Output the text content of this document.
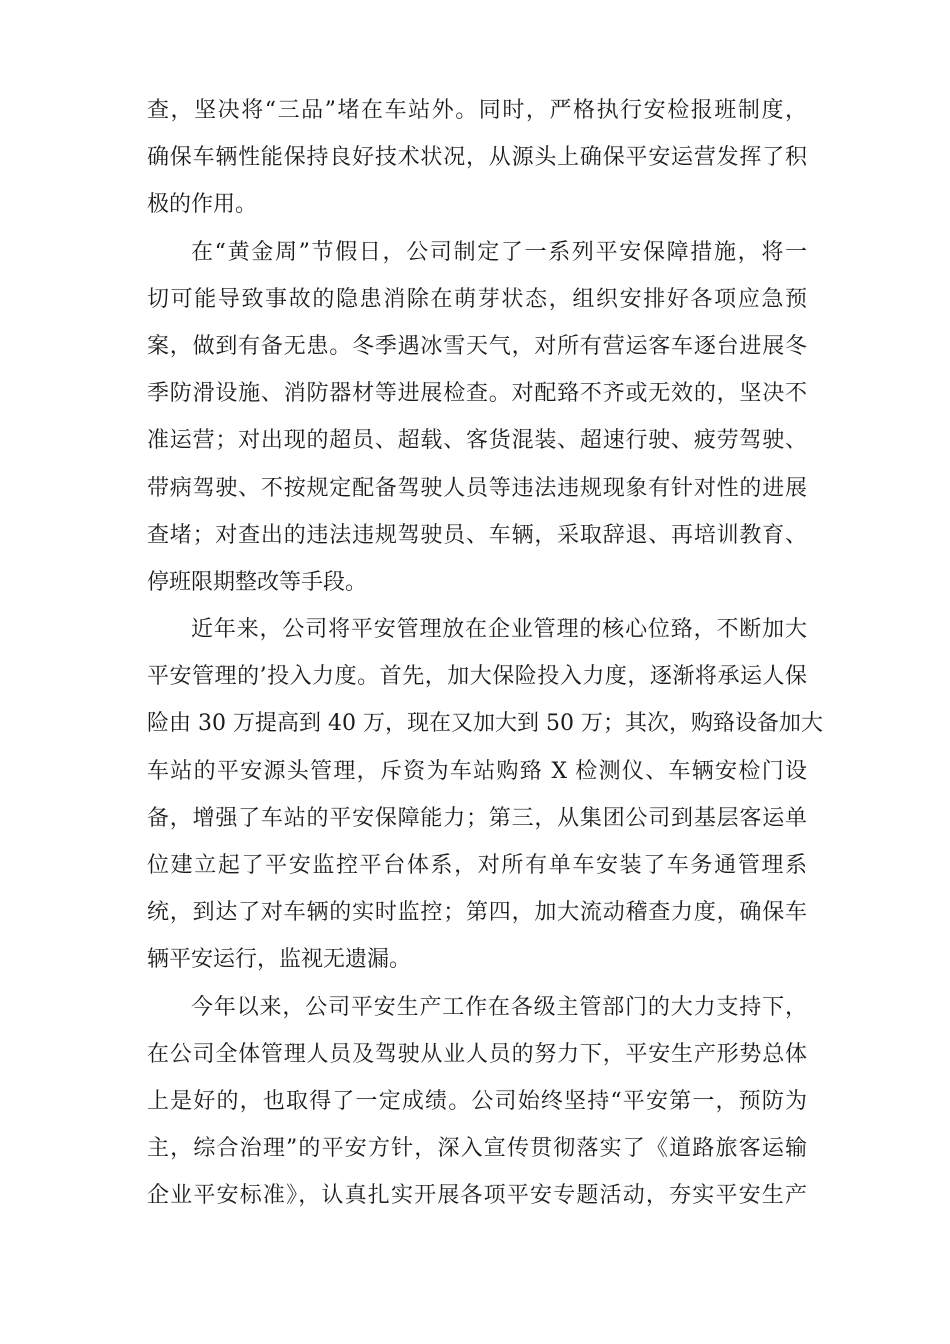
查，坚决将“三品”堵在车站外。同时，严格执行安检报班制度，
确保车辆性能保持良好技术状况，从源头上确保平安运营发挥了积
极的作用。
在“黄金周”节假日，公司制定了一系列平安保障措施，将一
切可能导致事故的隐患消除在萌芽状态，组织安排好各项应急预
案，做到有备无患。冬季遇冰雪天气，对所有营运客车逐台进展冬
季防滑设施、消防器材等进展检查。对配臵不齐或无效的，坚决不
准运营；对出现的超员、超载、客货混装、超速行驶、疲劳驾驶、
带病驾驶、不按规定配备驾驶人员等违法违规现象有针对性的进展
查堵；对查出的违法违规驾驶员、车辆，采取辞退、再培训教育、
停班限期整改等手段。
近年来，公司将平安管理放在企业管理的核心位臵，不断加大
平安管理的’投入力度。首先，加大保险投入力度，逐渐将承运人保
险由 30 万提高到 40 万，现在又加大到 50 万；其次，购臵设备加大
车站的平安源头管理，斥资为车站购臵 X 检测仪、车辆安检门设
备，增强了车站的平安保障能力；第三，从集团公司到基层客运单
位建立起了平安监控平台体系，对所有单车安装了车务通管理系
统，到达了对车辆的实时监控；第四，加大流动稽查力度，确保车
辆平安运行，监视无遗漏。
今年以来，公司平安生产工作在各级主管部门的大力支持下，
在公司全体管理人员及驾驶从业人员的努力下，平安生产形势总体
上是好的，也取得了一定成绩。公司始终坚持“平安第一，预防为
主，综合治理”的平安方针，深入宣传贯彻落实了《道路旅客运输
企业平安标准》，认真扎实开展各项平安专题活动，夯实平安生产
